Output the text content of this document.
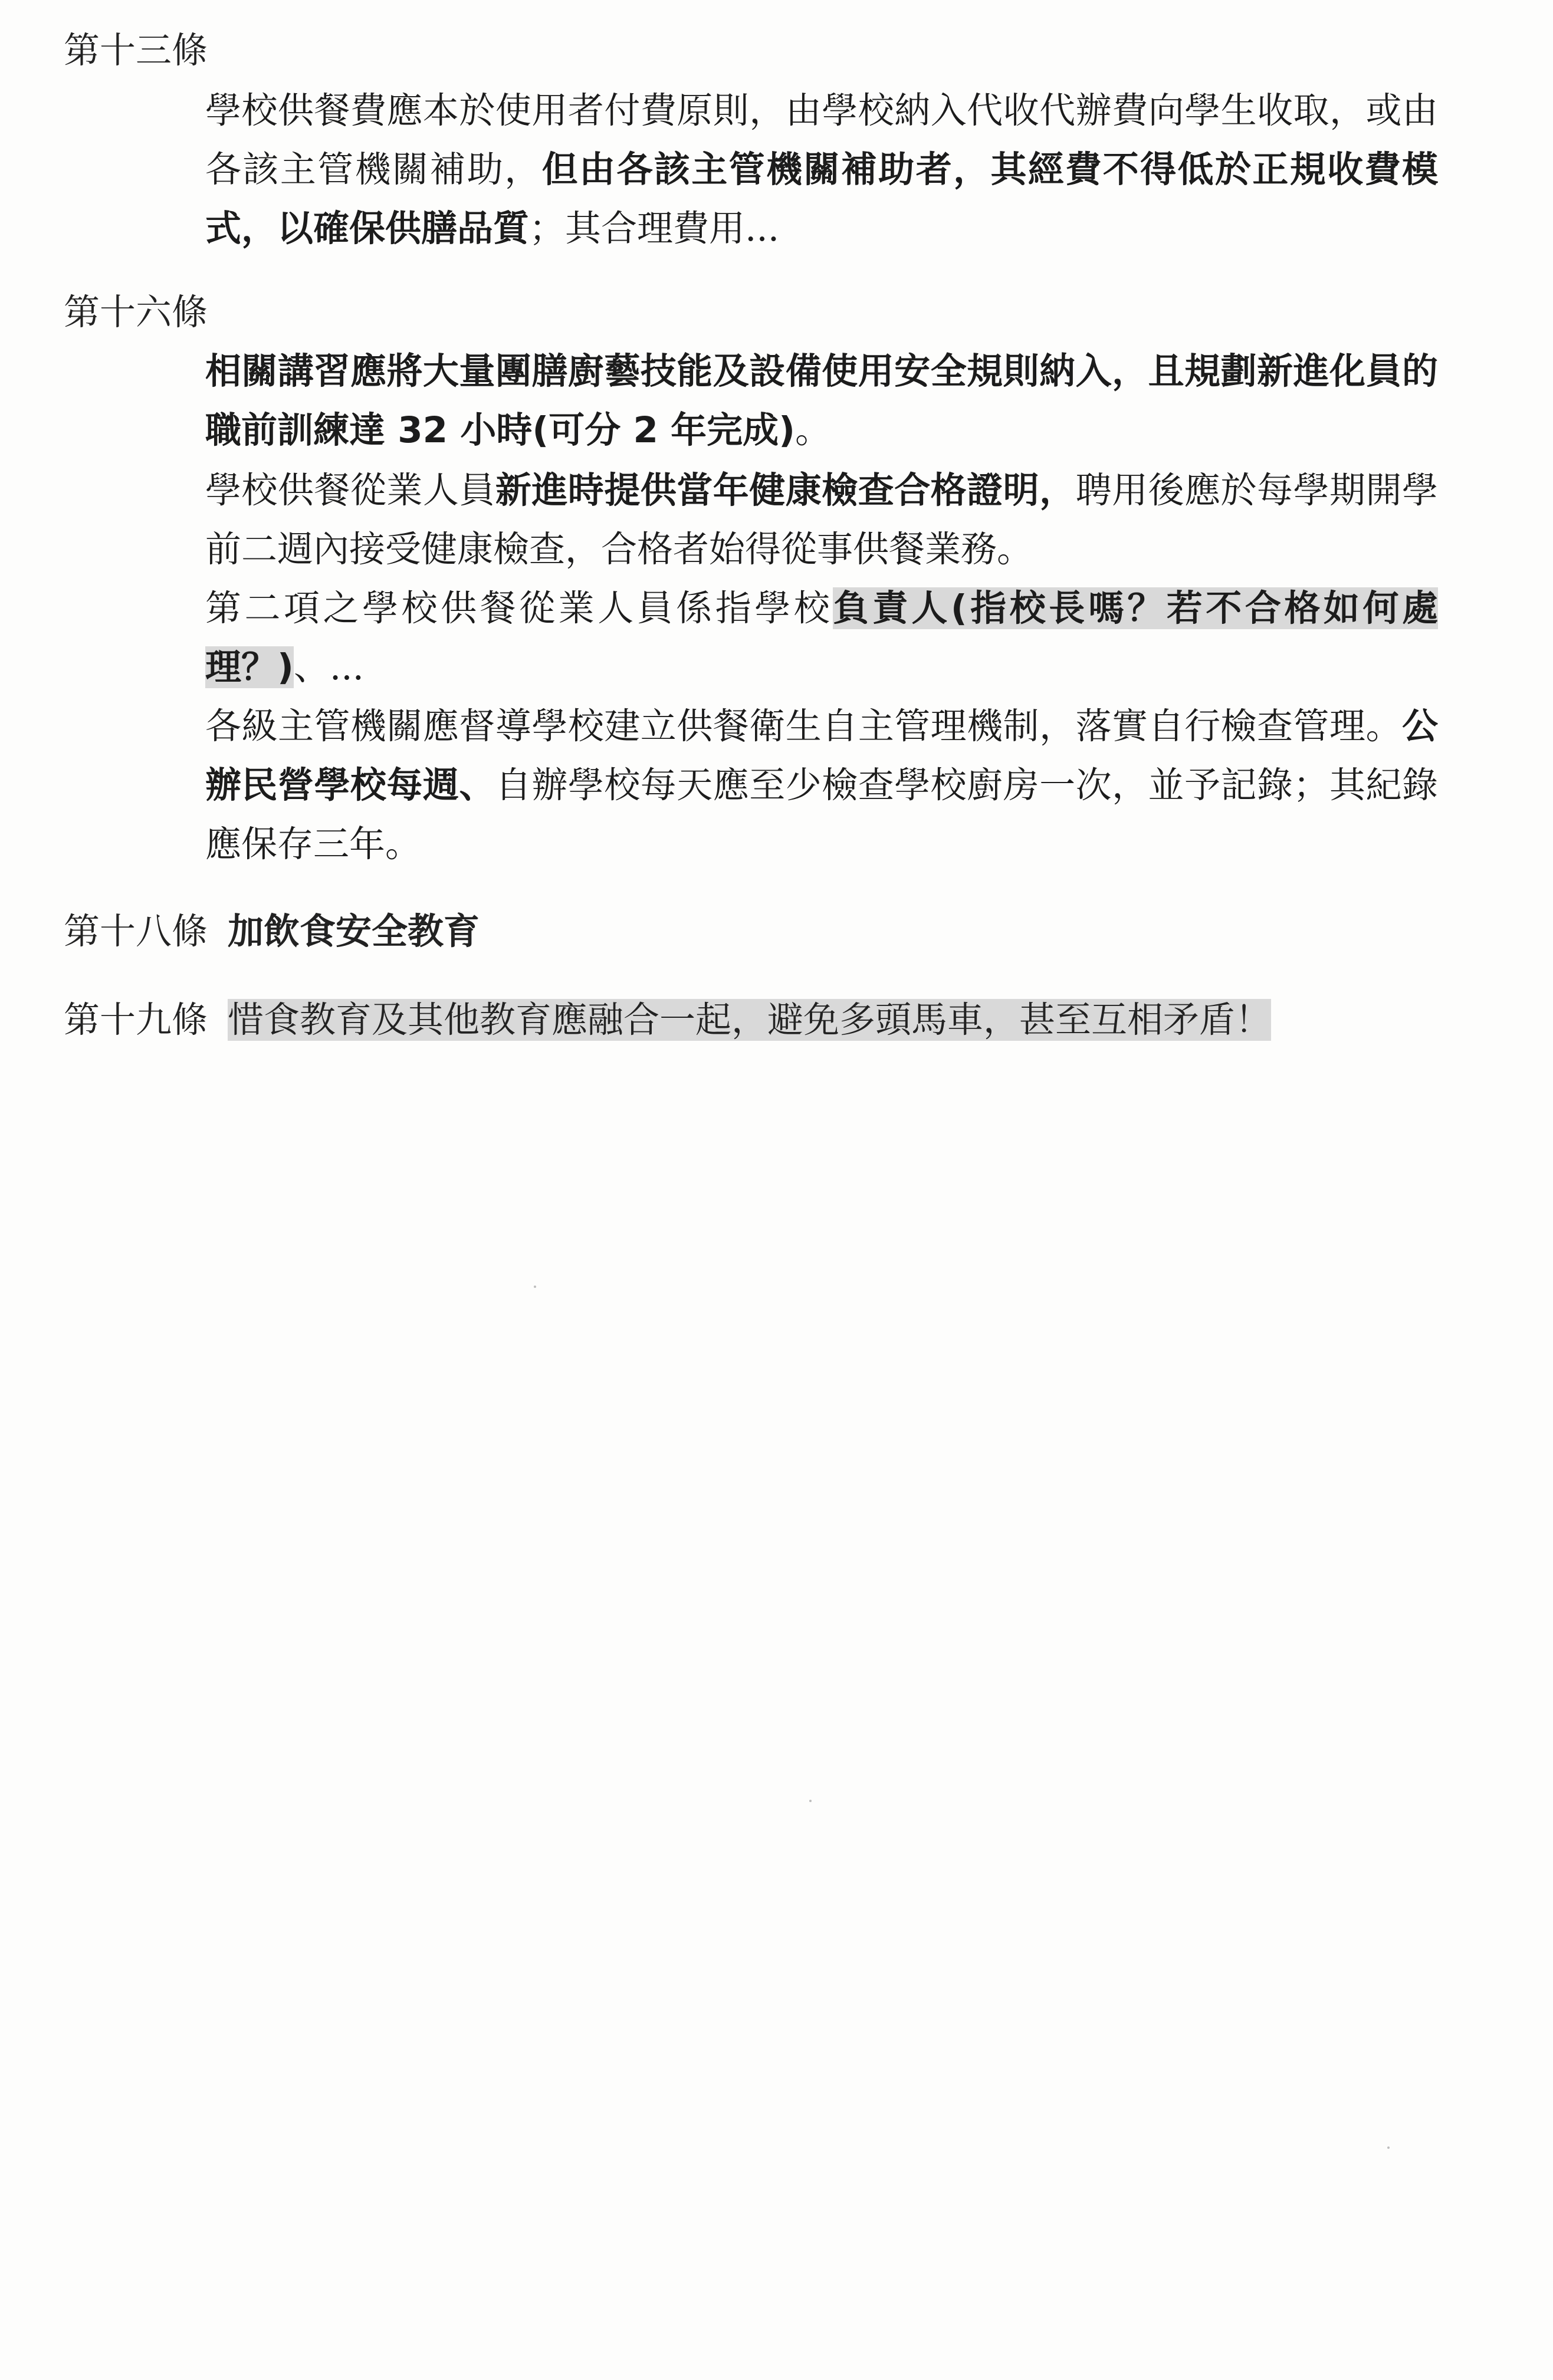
第十三條

學校供餐費應本於使用者付費原則，由學校納入代收代辦費向學生收取，或由各該主管機關補助，但由各該主管機關補助者，其經費不得低於正規收費模式，以確保供膳品質；其合理費用...

第十六條

相關講習應將大量團膳廚藝技能及設備使用安全規則納入，且規劃新進化員的職前訓練達 32 小時(可分 2 年完成)。

學校供餐從業人員新進時提供當年健康檢查合格證明，聘用後應於每學期開學前二週內接受健康檢查，合格者始得從事供餐業務。

第二項之學校供餐從業人員係指學校負責人(指校長嗎？若不合格如何處理？)、...

各級主管機關應督導學校建立供餐衛生自主管理機制，落實自行檢查管理。公辦民營學校每週、自辦學校每天應至少檢查學校廚房一次，並予記錄；其紀錄應保存三年。

第十八條 加飲食安全教育
第十九條 惜食教育及其他教育應融合一起，避免多頭馬車，甚至互相矛盾！
